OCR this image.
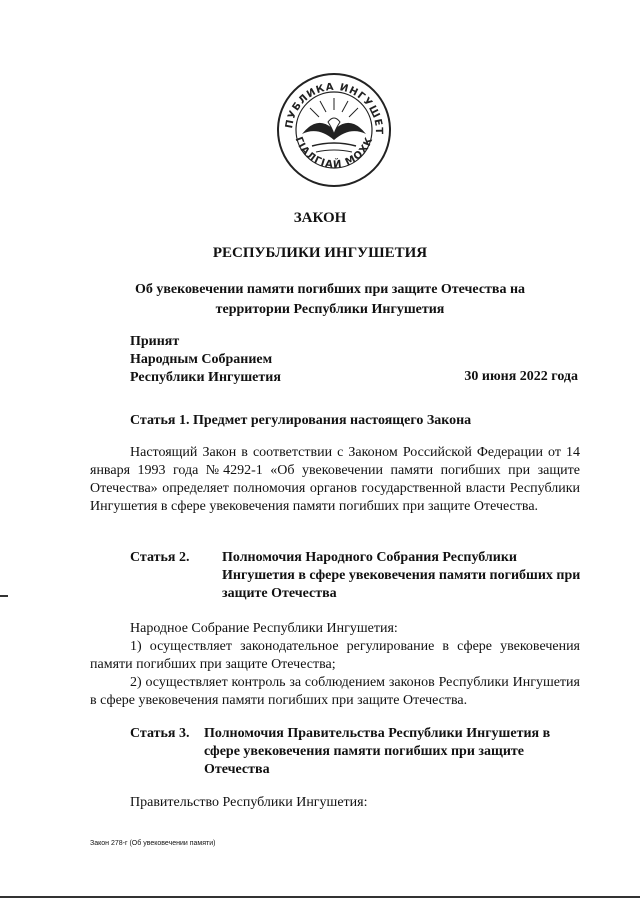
ПУБЛИКА ИНГУШЕТ
ГІАЛГІАЙ МОХК
ЗАКОН
РЕСПУБЛИКИ ИНГУШЕТИЯ
Об увековечении памяти погибших при защите Отечества на территории Республики Ингушетия
Принят
Народным Собранием
Республики Ингушетия	30 июня 2022 года
Статья 1. Предмет регулирования настоящего Закона
Настоящий Закон в соответствии с Законом Российской Федерации от 14 января 1993 года №4292-1 «Об увековечении памяти погибших при защите Отечества» определяет полномочия органов государственной власти Республики Ингушетия в сфере увековечения памяти погибших при защите Отечества.
Статья 2. Полномочия Народного Собрания Республики Ингушетия в сфере увековечения памяти погибших при защите Отечества
Народное Собрание Республики Ингушетия:
1) осуществляет законодательное регулирование в сфере увековечения памяти погибших при защите Отечества;
2) осуществляет контроль за соблюдением законов Республики Ингушетия в сфере увековечения памяти погибших при защите Отечества.
Статья 3. Полномочия Правительства Республики Ингушетия в сфере увековечения памяти погибших при защите Отечества
Правительство Республики Ингушетия:
Закон 278-г (Об увековечении памяти)
